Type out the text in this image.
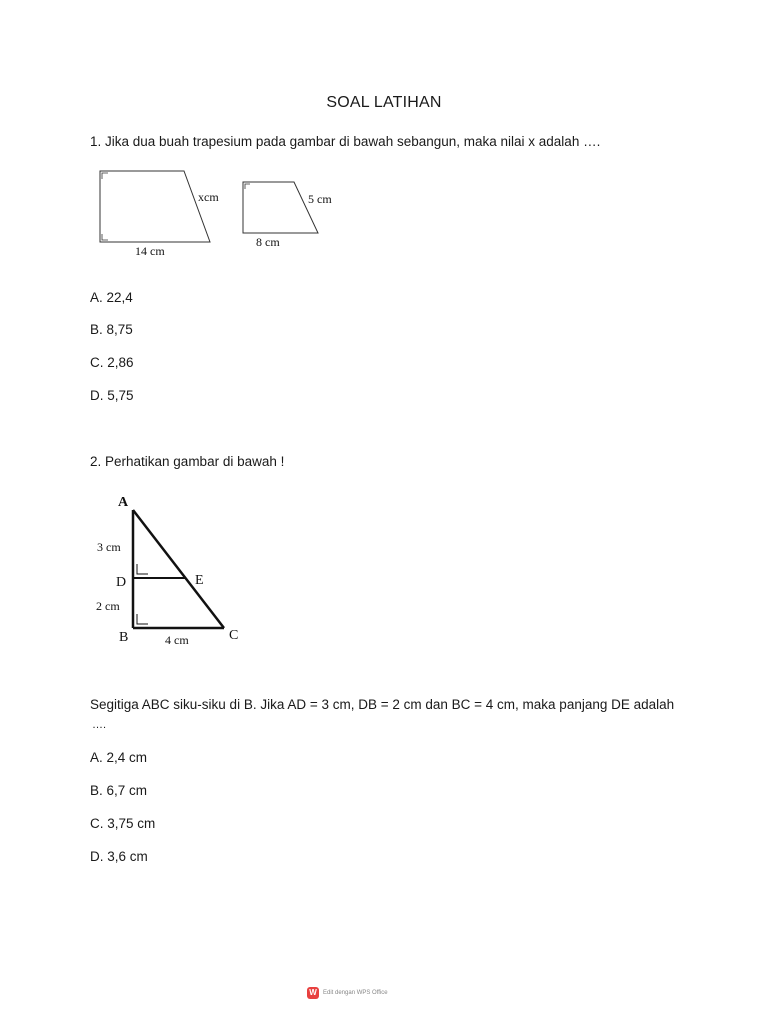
SOAL LATIHAN
1. Jika dua buah trapesium pada gambar di bawah sebangun, maka nilai x adalah ….
xcm
14 cm
5 cm
8 cm
A. 22,4
B. 8,75
C. 2,86
D. 5,75
2. Perhatikan gambar di bawah !
A
3 cm
D	E
2 cm
B	4 cm	C
Segitiga ABC siku-siku di B. Jika AD = 3 cm, DB = 2 cm dan BC = 4 cm, maka panjang DE adalah
….
A. 2,4 cm
B. 6,7 cm
C. 3,75 cm
D. 3,6 cm
W	Edit dengan WPS Office
